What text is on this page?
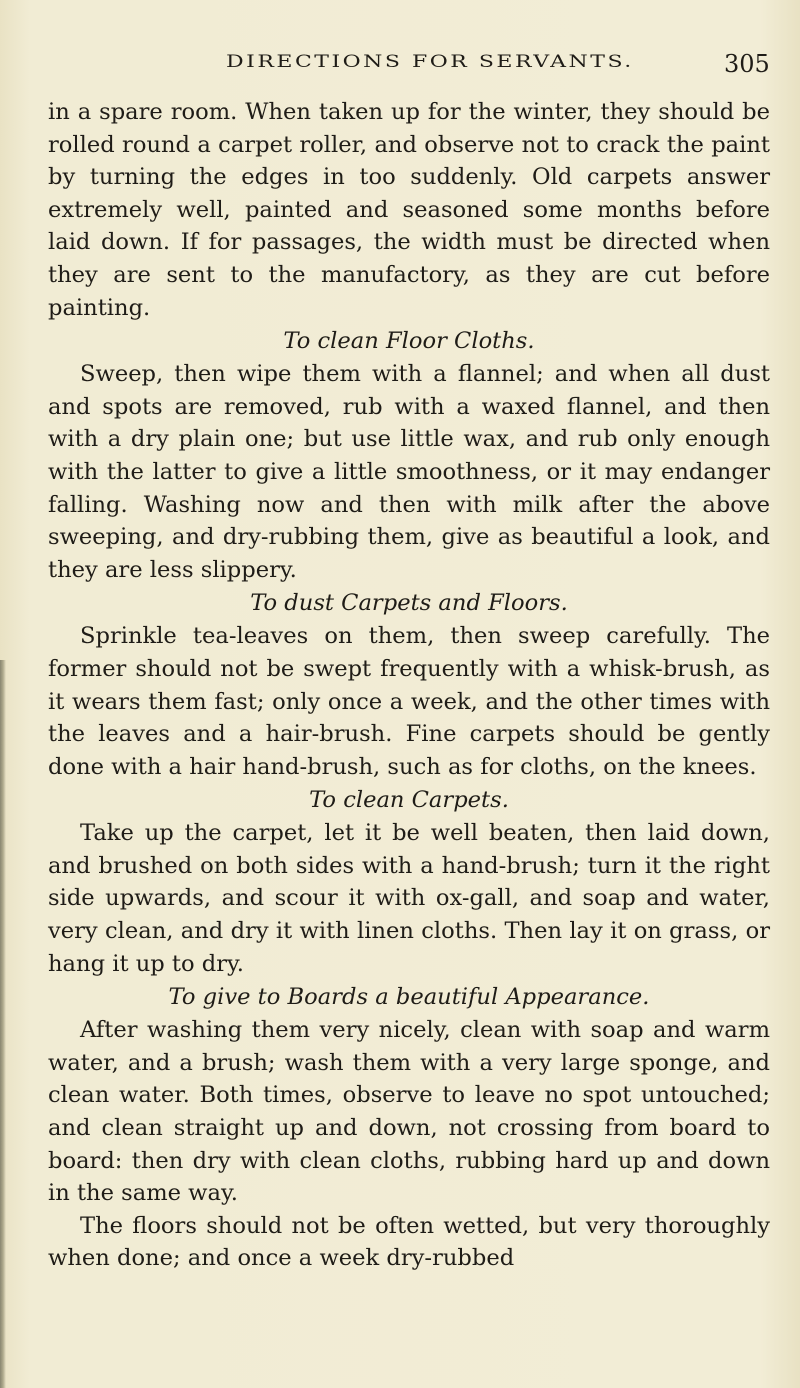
DIRECTIONS FOR SERVANTS.	305

in a spare room. When taken up for the winter, they should be rolled round a carpet roller, and observe not to crack the paint by turning the edges in too suddenly. Old carpets answer extremely well, painted and seasoned some months before laid down. If for passages, the width must be directed when they are sent to the manufactory, as they are cut before painting.

To clean Floor Cloths.

Sweep, then wipe them with a flannel; and when all dust and spots are removed, rub with a waxed flannel, and then with a dry plain one; but use little wax, and rub only enough with the latter to give a little smoothness, or it may endanger falling. Washing now and then with milk after the above sweeping, and dry-rubbing them, give as beautiful a look, and they are less slippery.

To dust Carpets and Floors.

Sprinkle tea-leaves on them, then sweep carefully. The former should not be swept frequently with a whisk-brush, as it wears them fast; only once a week, and the other times with the leaves and a hair-brush. Fine carpets should be gently done with a hair hand-brush, such as for cloths, on the knees.

To clean Carpets.

Take up the carpet, let it be well beaten, then laid down, and brushed on both sides with a hand-brush; turn it the right side upwards, and scour it with ox-gall, and soap and water, very clean, and dry it with linen cloths. Then lay it on grass, or hang it up to dry.

To give to Boards a beautiful Appearance.

After washing them very nicely, clean with soap and warm water, and a brush; wash them with a very large sponge, and clean water. Both times, observe to leave no spot untouched; and clean straight up and down, not crossing from board to board: then dry with clean cloths, rubbing hard up and down in the same way.

The floors should not be often wetted, but very thoroughly when done; and once a week dry-rubbed
